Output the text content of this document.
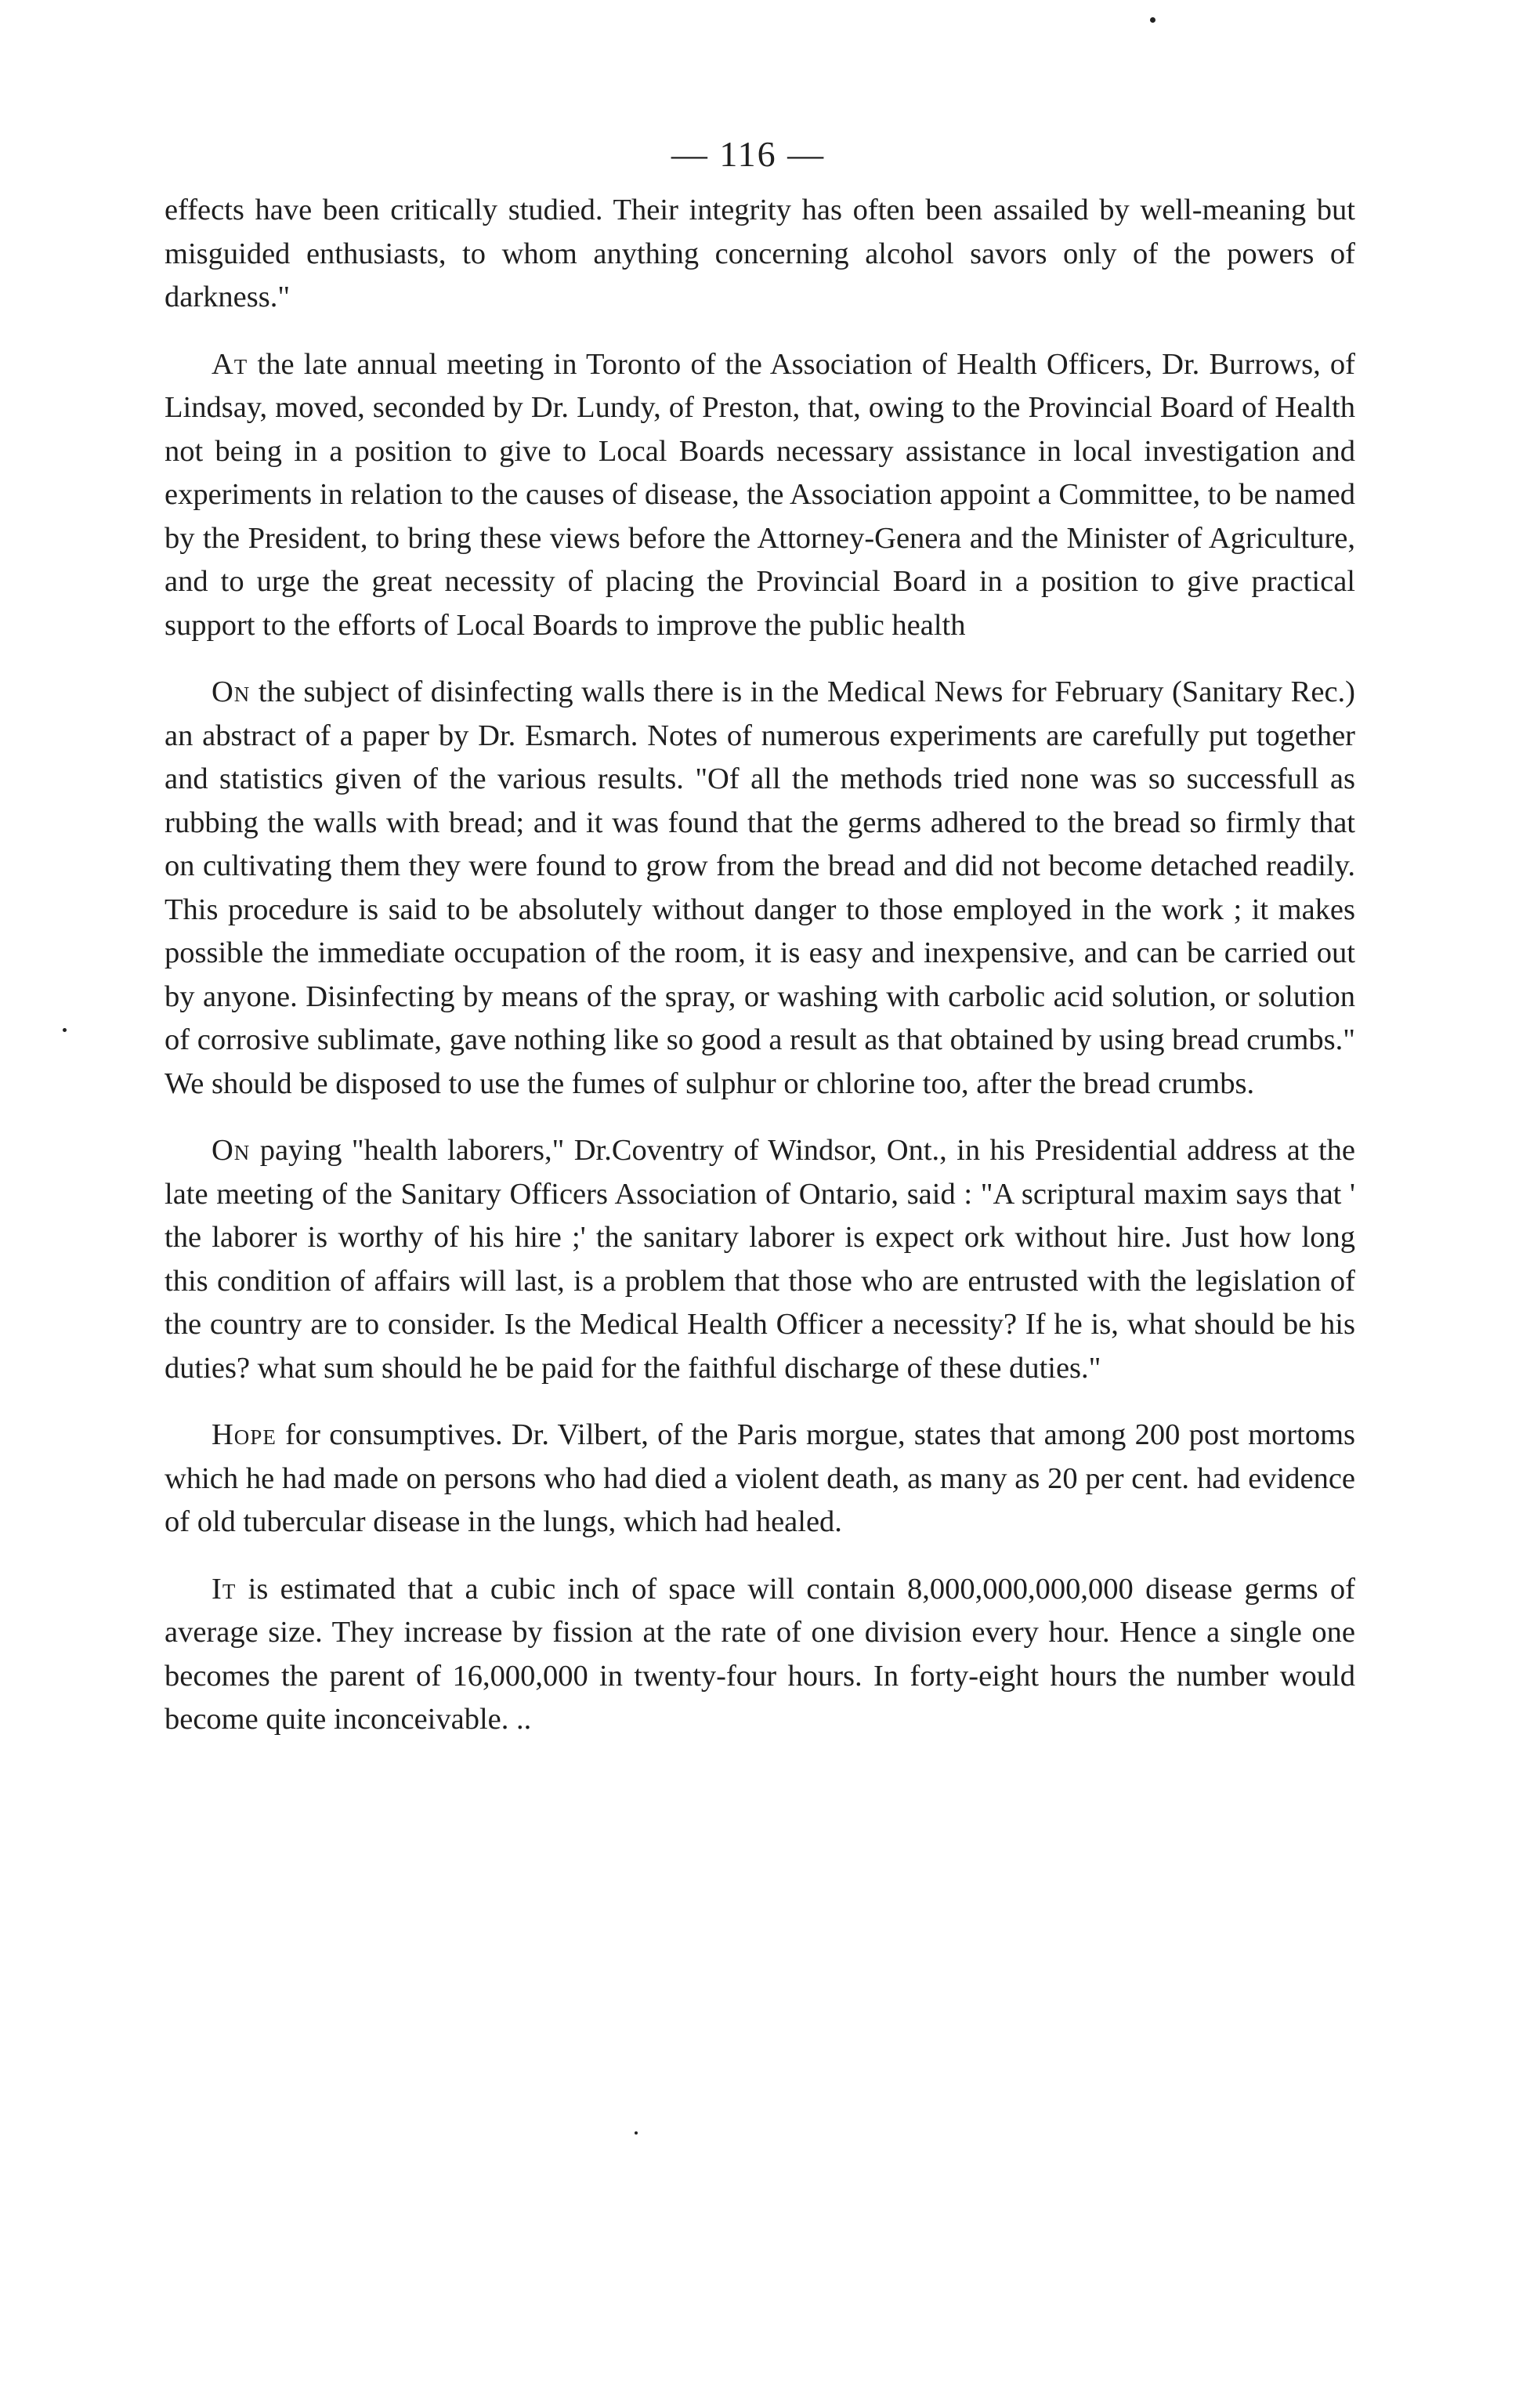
— 116 —

effects have been critically studied. Their integrity has often been assailed by well-meaning but misguided enthusiasts, to whom anything concerning alcohol savors only of the powers of darkness."

At the late annual meeting in Toronto of the Association of Health Officers, Dr. Burrows, of Lindsay, moved, seconded by Dr. Lundy, of Preston, that, owing to the Provincial Board of Health not being in a position to give to Local Boards necessary assistance in local investigation and experiments in relation to the causes of disease, the Association appoint a Committee, to be named by the President, to bring these views before the Attorney-Genera and the Minister of Agriculture, and to urge the great necessity of placing the Provincial Board in a position to give practical support to the efforts of Local Boards to improve the public health

On the subject of disinfecting walls there is in the Medical News for February (Sanitary Rec.) an abstract of a paper by Dr. Esmarch. Notes of numerous experiments are carefully put together and statistics given of the various results. "Of all the methods tried none was so successfull as rubbing the walls with bread; and it was found that the germs adhered to the bread so firmly that on cultivating them they were found to grow from the bread and did not become detached readily. This procedure is said to be absolutely without danger to those employed in the work ; it makes possible the immediate occupation of the room, it is easy and inexpensive, and can be carried out by anyone. Disinfecting by means of the spray, or washing with carbolic acid solution, or solution of corrosive sublimate, gave nothing like so good a result as that obtained by using bread crumbs." We should be disposed to use the fumes of sulphur or chlorine too, after the bread crumbs.

On paying "health laborers," Dr.Coventry of Windsor, Ont., in his Presidential address at the late meeting of the Sanitary Officers Association of Ontario, said : "A scriptural maxim says that ' the laborer is worthy of his hire ;' the sanitary laborer is expect ork without hire. Just how long this condition of affairs will last, is a problem that those who are entrusted with the legislation of the country are to consider. Is the Medical Health Officer a necessity? If he is, what should be his duties? what sum should he be paid for the faithful discharge of these duties."

Hope for consumptives. Dr. Vilbert, of the Paris morgue, states that among 200 post mortoms which he had made on persons who had died a violent death, as many as 20 per cent. had evidence of old tubercular disease in the lungs, which had healed.

It is estimated that a cubic inch of space will contain 8,000,000,000,000 disease germs of average size. They increase by fission at the rate of one division every hour. Hence a single one becomes the parent of 16,000,000 in twenty-four hours. In forty-eight hours the number would become quite inconceivable. ..
